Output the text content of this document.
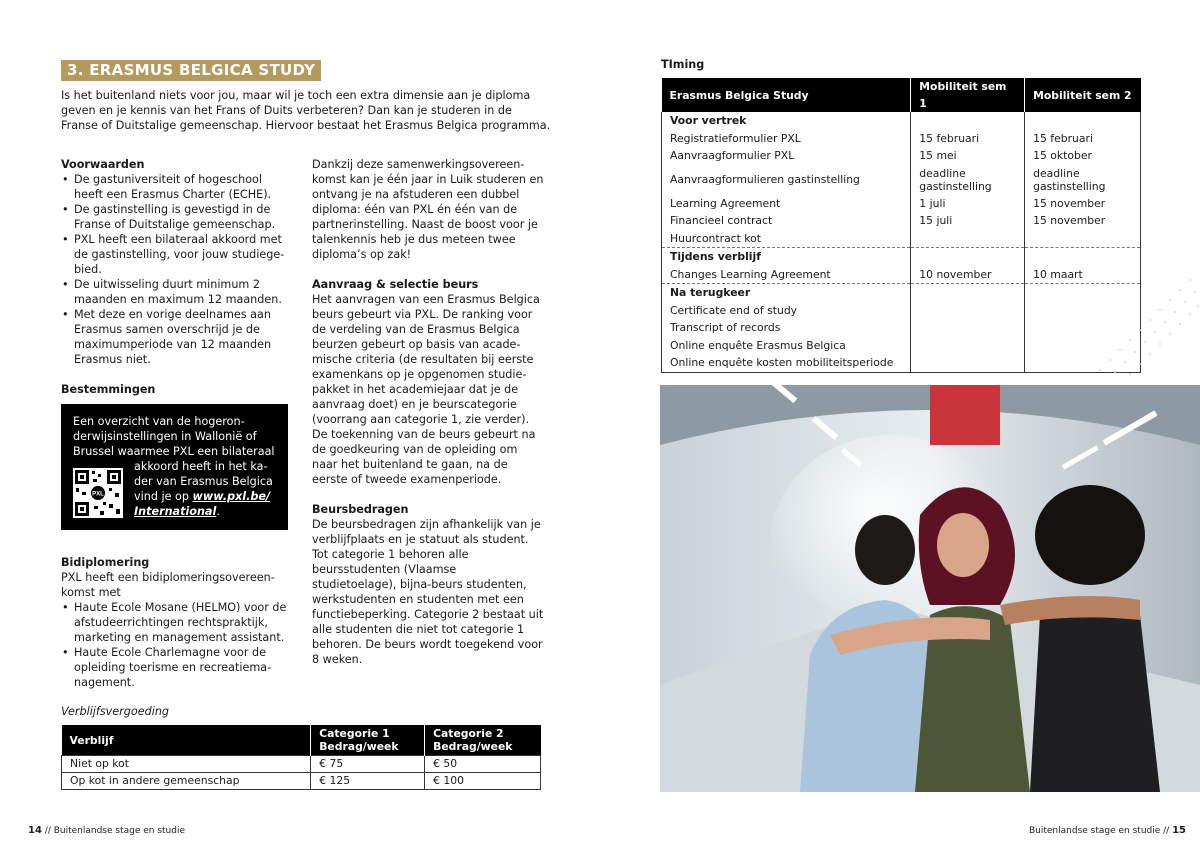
3. ERASMUS BELGICA STUDY

Is het buitenland niets voor jou, maar wil je toch een extra dimensie aan je diploma geven en je kennis van het Frans of Duits verbeteren? Dan kan je studeren in de Franse of Duitstalige gemeenschap. Hiervoor bestaat het Erasmus Belgica programma.

Voorwaarden
• De gastuniversiteit of hogeschool heeft een Erasmus Charter (ECHE).
• De gastinstelling is gevestigd in de Franse of Duitstalige gemeenschap.
• PXL heeft een bilateraal akkoord met de gastinstelling, voor jouw studiege-bied.
• De uitwisseling duurt minimum 2 maanden en maximum 12 maanden.
• Met deze en vorige deelnames aan Erasmus samen overschrijd je de maximumperiode van 12 maanden Erasmus niet.
Bestemmingen
Een overzicht van de hogeron-derwijsinstellingen in Wallonië of Brussel waarmee PXL een bilateraal
PXL
akkoord heeft in het ka-der van Erasmus Belgica vind je op www.pxl.be/ International.
Bidiplomering

PXL heeft een bidiplomeringsovereen-komst met

• Haute Ecole Mosane (HELMO) voor de afstudeerrichtingen rechtspraktijk, marketing en management assistant.
• Haute Ecole Charlemagne voor de opleiding toerisme en recreatiema-nagement.

Dankzij deze samenwerkingsovereen-komst kan je één jaar in Luik studeren en ontvang je na afstuderen een dubbel diploma: één van PXL én één van de partnerinstelling. Naast de boost voor je talenkennis heb je dus meteen twee diploma’s op zak!

Aanvraag & selectie beurs

Het aanvragen van een Erasmus Belgica beurs gebeurt via PXL. De ranking voor de verdeling van de Erasmus Belgica beurzen gebeurt op basis van acade-mische criteria (de resultaten bij eerste examenkans op je opgenomen studie-pakket in het academiejaar dat je de aanvraag doet) en je beurscategorie (voorrang aan categorie 1, zie verder). De toekenning van de beurs gebeurt na de goedkeuring van de opleiding om naar het buitenland te gaan, na de eerste of tweede examenperiode.

Beursbedragen

De beursbedragen zijn afhankelijk van je verblijfplaats en je statuut als student. Tot categorie 1 behoren alle beursstudenten (Vlaamse studietoelage), bijna-beurs studenten, werkstudenten en studenten met een functiebeperking. Categorie 2 bestaat uit alle studenten die niet tot categorie 1 behoren. De beurs wordt toegekend voor 8 weken.

Verblijfsvergoeding
Verblijf	Categorie 1 Bedrag/week	Categorie 2 Bedrag/week
Niet op kot	€ 75	€ 50
Op kot in andere gemeenschap	€ 125	€ 100
14 // Buitenlandse stage en studie
TIming
Erasmus Belgica Study	Mobiliteit sem 1	Mobiliteit sem 2
Voor vertrek		
Registratieformulier PXL	15 februari	15 februari
Aanvraagformulier PXL	15 mei	15 oktober
Aanvraagformulieren gastinstelling	deadline gastinstelling	deadline gastinstelling
Learning Agreement	1 juli	15 november
Financieel contract	15 juli	15 november
Huurcontract kot		
Tijdens verblijf		
Changes Learning Agreement	10 november	10 maart
Na terugkeer		
Certificate end of study		
Transcript of records		
Online enquête Erasmus Belgica		
Online enquête kosten mobiliteitsperiode		
Buitenlandse stage en studie // 15
